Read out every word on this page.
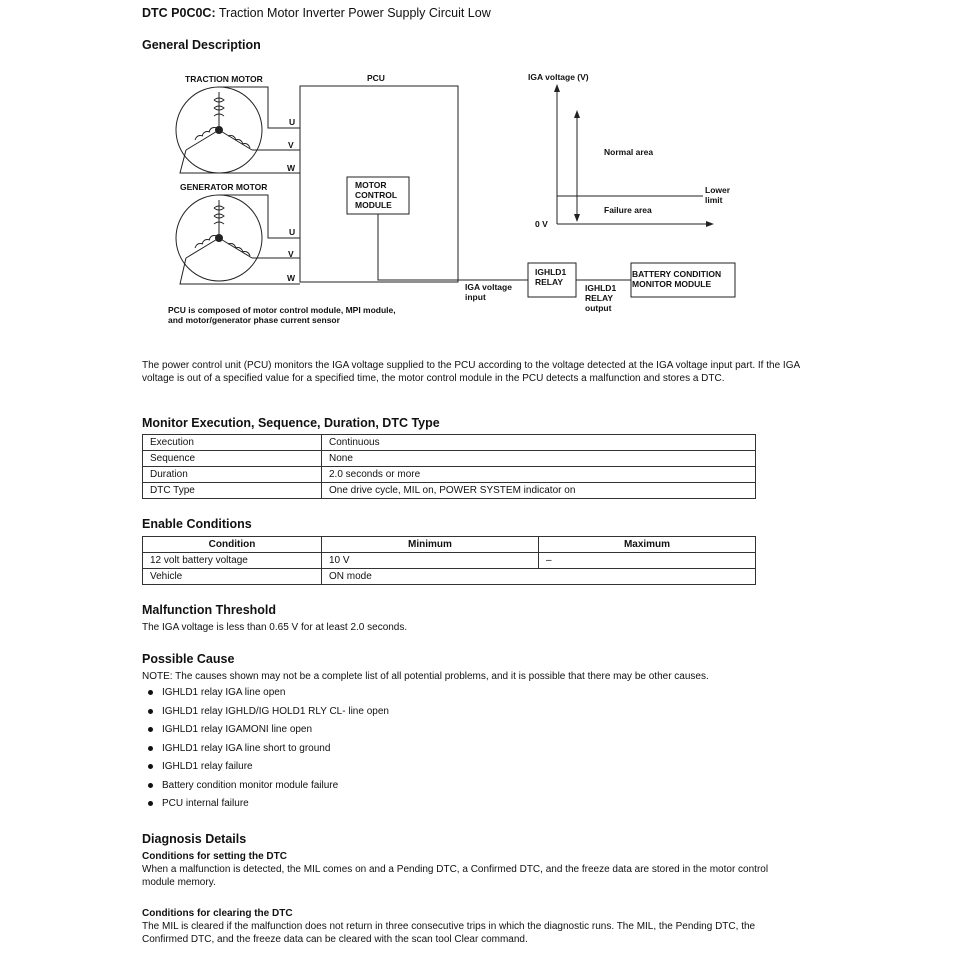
DTC P0C0C: Traction Motor Inverter Power Supply Circuit Low
General Description
TRACTION MOTOR
GENERATOR MOTOR
PCU
U
V
W
U
V
W
MOTOR
CONTROL
MODULE
IGA voltage
input
IGHLD1
RELAY
IGHLD1
RELAY
output
BATTERY CONDITION
MONITOR MODULE
PCU is composed of motor control module, MPI module,
and motor/generator phase current sensor
IGA voltage (V)
Normal area
Failure area
Lower
limit
0 V
The power control unit (PCU) monitors the IGA voltage supplied to the PCU according to the voltage detected at the IGA voltage input part. If the IGA voltage is out of a specified value for a specified time, the motor control module in the PCU detects a malfunction and stores a DTC.
Monitor Execution, Sequence, Duration, DTC Type
Execution	Continuous
Sequence	None
Duration	2.0 seconds or more
DTC Type	One drive cycle, MIL on, POWER SYSTEM indicator on
Enable Conditions
Condition	Minimum	Maximum
12 volt battery voltage	10 V	–
Vehicle	ON mode	
Malfunction Threshold
The IGA voltage is less than 0.65 V for at least 2.0 seconds.
Possible Cause
NOTE: The causes shown may not be a complete list of all potential problems, and it is possible that there may be other causes.
IGHLD1 relay IGA line open
IGHLD1 relay IGHLD/IG HOLD1 RLY CL- line open
IGHLD1 relay IGAMONI line open
IGHLD1 relay IGA line short to ground
IGHLD1 relay failure
Battery condition monitor module failure
PCU internal failure
Diagnosis Details
Conditions for setting the DTC
When a malfunction is detected, the MIL comes on and a Pending DTC, a Confirmed DTC, and the freeze data are stored in the motor control module memory.
Conditions for clearing the DTC
The MIL is cleared if the malfunction does not return in three consecutive trips in which the diagnostic runs. The MIL, the Pending DTC, the Confirmed DTC, and the freeze data can be cleared with the scan tool Clear command.
